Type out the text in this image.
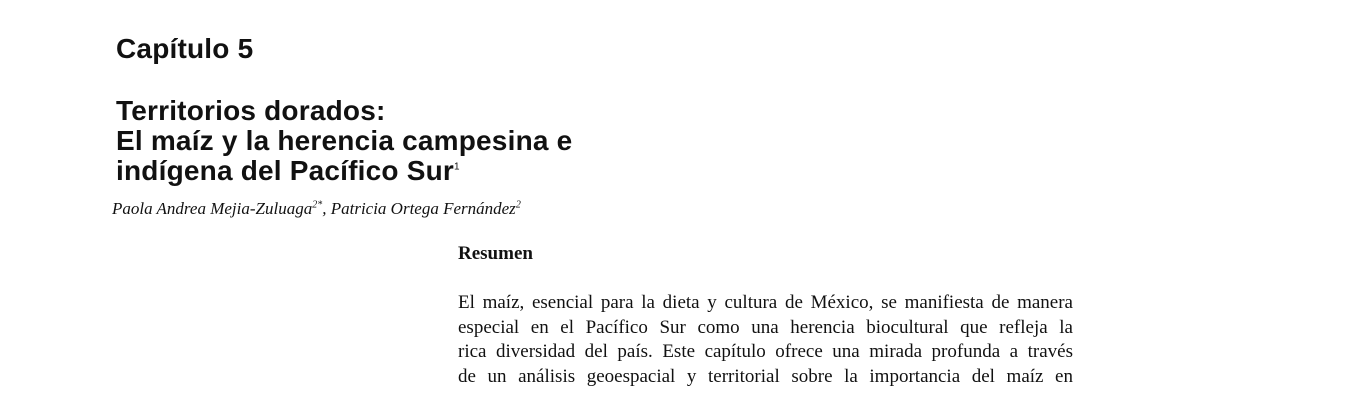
Capítulo 5
Territorios dorados:
El maíz y la herencia campesina e
indígena del Pacífico Sur$^1$

Paola Andrea Mejia-Zuluaga$^{2*}$, Patricia Ortega Fernández$^2$

Resumen
El maíz, esencial para la dieta y cultura de México, se manifiesta de manera
especial en el Pacífico Sur como una herencia biocultural que refleja la
rica diversidad del país. Este capítulo ofrece una mirada profunda a través
de un análisis geoespacial y territorial sobre la importancia del maíz en
